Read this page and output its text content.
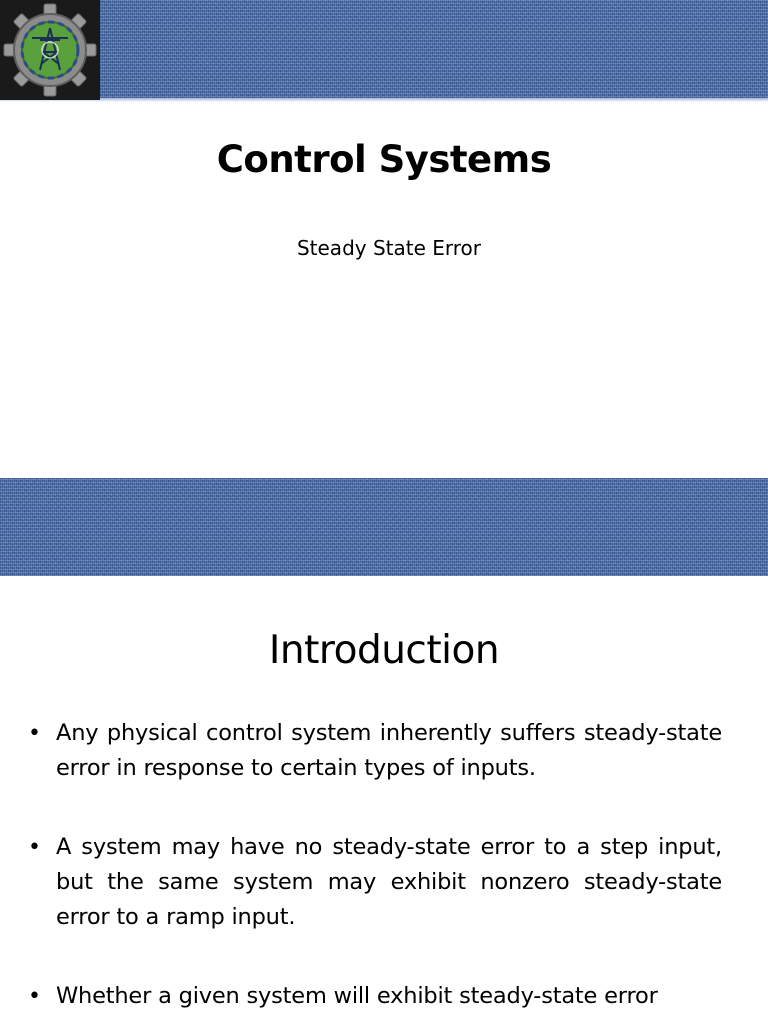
Control Systems
Steady State Error
Introduction
• Any physical control system inherently suffers steady-state error in response to certain types of inputs.
• A system may have no steady-state error to a step input, but the same system may exhibit nonzero steady-state error to a ramp input.
• Whether a given system will exhibit steady-state error
